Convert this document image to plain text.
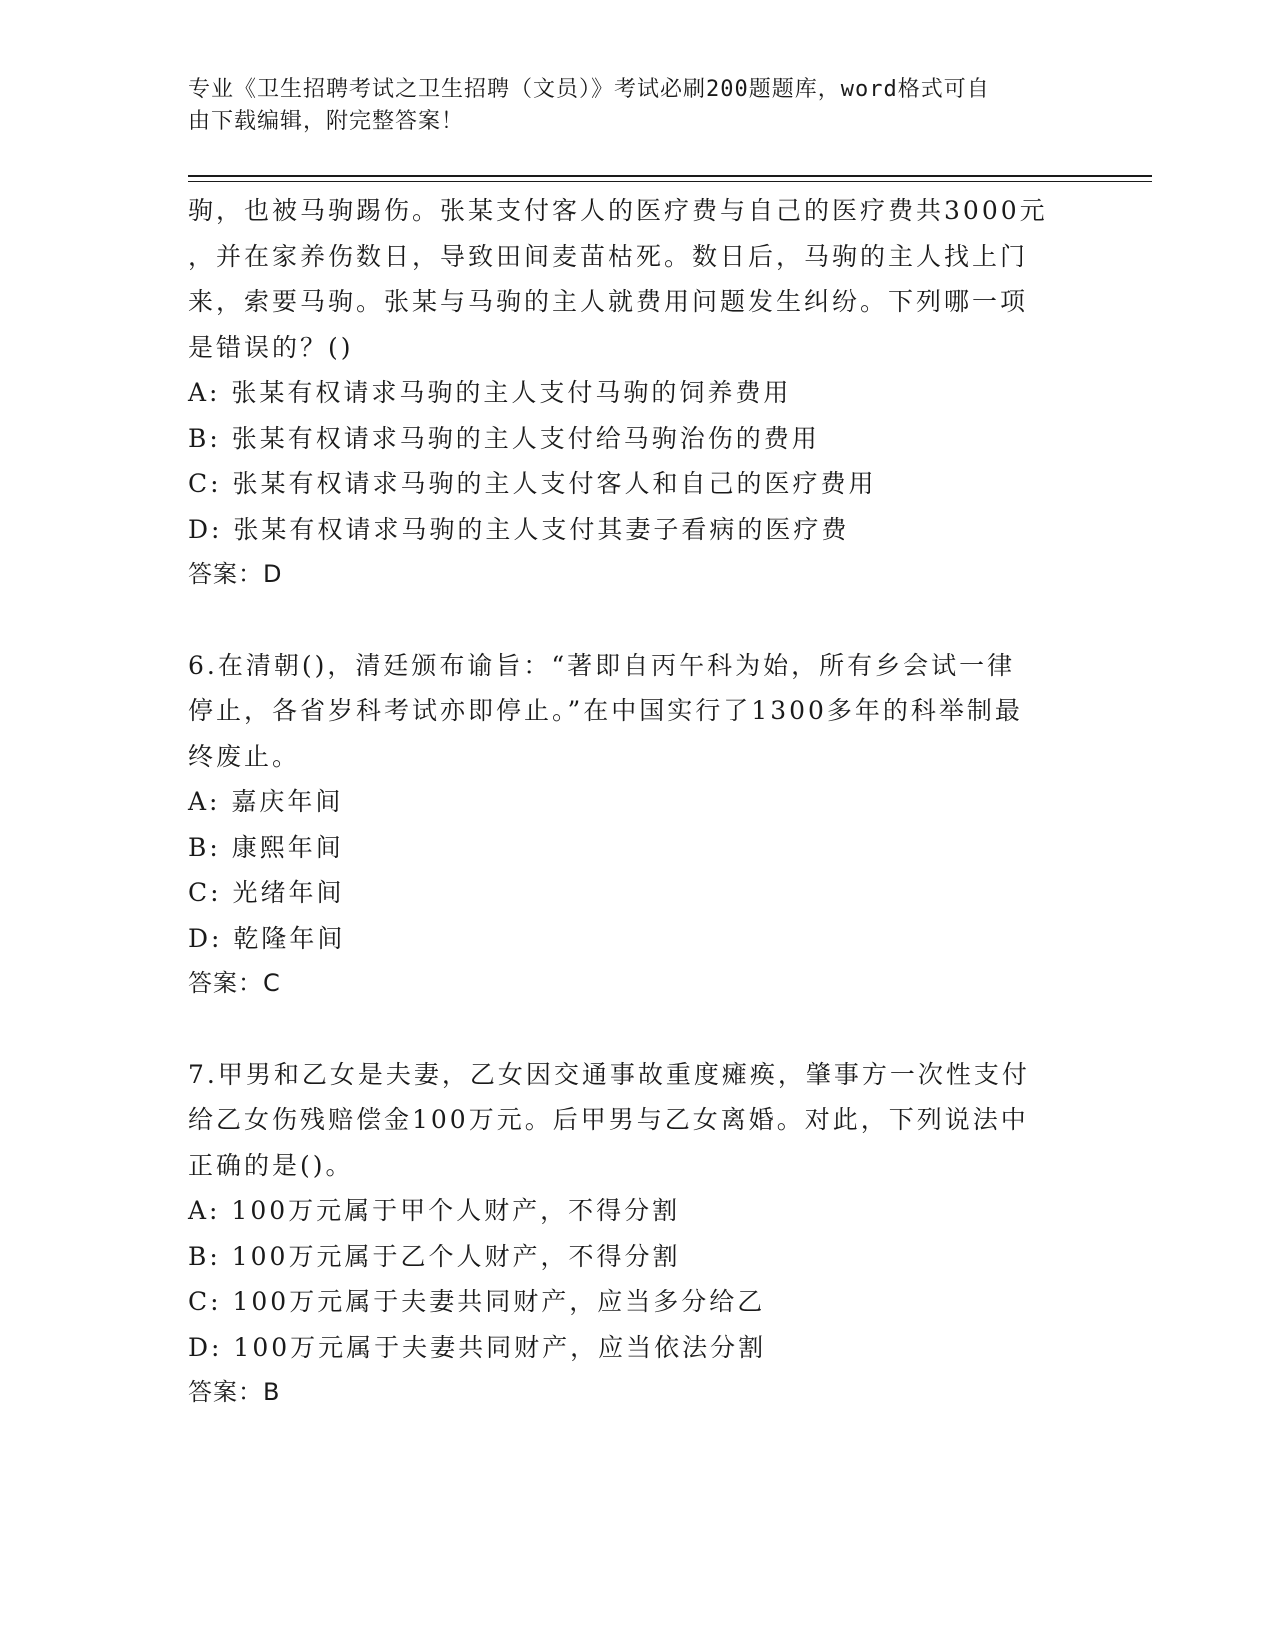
专业《卫生招聘考试之卫生招聘（文员）》考试必刷200题题库，word格式可自
由下载编辑，附完整答案！
驹，也被马驹踢伤。张某支付客人的医疗费与自己的医疗费共3000元
，并在家养伤数日，导致田间麦苗枯死。数日后，马驹的主人找上门
来，索要马驹。张某与马驹的主人就费用问题发生纠纷。下列哪一项
是错误的？()
A: 张某有权请求马驹的主人支付马驹的饲养费用
B: 张某有权请求马驹的主人支付给马驹治伤的费用
C: 张某有权请求马驹的主人支付客人和自己的医疗费用
D: 张某有权请求马驹的主人支付其妻子看病的医疗费
答案：D
6.在清朝()，清廷颁布谕旨：“著即自丙午科为始，所有乡会试一律
停止，各省岁科考试亦即停止。”在中国实行了1300多年的科举制最
终废止。
A: 嘉庆年间
B: 康熙年间
C: 光绪年间
D: 乾隆年间
答案：C
7.甲男和乙女是夫妻，乙女因交通事故重度瘫痪，肇事方一次性支付
给乙女伤残赔偿金100万元。后甲男与乙女离婚。对此，下列说法中
正确的是()。
A: 100万元属于甲个人财产，不得分割
B: 100万元属于乙个人财产，不得分割
C: 100万元属于夫妻共同财产，应当多分给乙
D: 100万元属于夫妻共同财产，应当依法分割
答案：B
